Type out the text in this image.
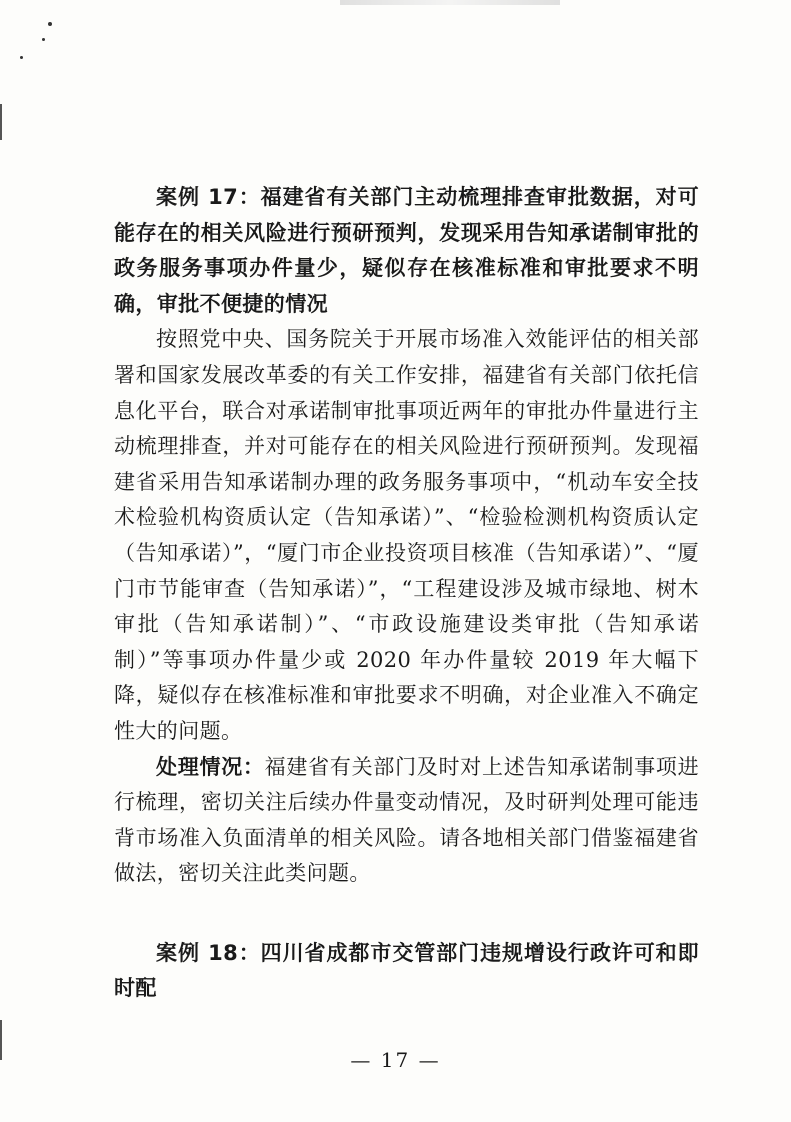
案例 17：福建省有关部门主动梳理排查审批数据，对可能存在的相关风险进行预研预判，发现采用告知承诺制审批的政务服务事项办件量少，疑似存在核准标准和审批要求不明确，审批不便捷的情况

按照党中央、国务院关于开展市场准入效能评估的相关部署和国家发展改革委的有关工作安排，福建省有关部门依托信息化平台，联合对承诺制审批事项近两年的审批办件量进行主动梳理排查，并对可能存在的相关风险进行预研预判。发现福建省采用告知承诺制办理的政务服务事项中，“机动车安全技术检验机构资质认定（告知承诺）”、“检验检测机构资质认定（告知承诺）”，“厦门市企业投资项目核准（告知承诺）”、“厦门市节能审查（告知承诺）”，“工程建设涉及城市绿地、树木审批（告知承诺制）”、“市政设施建设类审批（告知承诺制）”等事项办件量少或 2020 年办件量较 2019 年大幅下降，疑似存在核准标准和审批要求不明确，对企业准入不确定性大的问题。

处理情况：福建省有关部门及时对上述告知承诺制事项进行梳理，密切关注后续办件量变动情况，及时研判处理可能违背市场准入负面清单的相关风险。请各地相关部门借鉴福建省做法，密切关注此类问题。

案例 18：四川省成都市交管部门违规增设行政许可和即时配

— 17 —
